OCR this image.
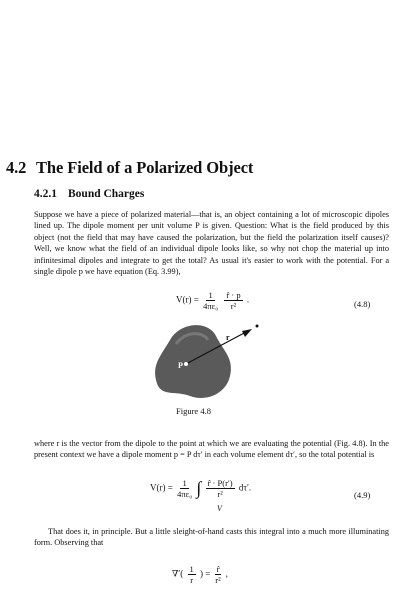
4.2 The Field of a Polarized Object
4.2.1 Bound Charges
Suppose we have a piece of polarized material—that is, an object containing a lot of microscopic dipoles lined up. The dipole moment per unit volume P is given. Question: What is the field produced by this object (not the field that may have caused the polarization, but the field the polarization itself causes)? Well, we know what the field of an individual dipole looks like, so why not chop the material up into infinitesimal dipoles and integrate to get the total? As usual it's easier to work with the potential. For a single dipole p we have equation (Eq. 3.99),
$V(r) = \frac{1}{\text{4πε₀}}$
$\frac{r̂ \cdot p}{\text{r²}}$ .	(4.8)
P
r
Figure 4.8
where r is the vector from the dipole to the point at which we are evaluating the potential (Fig. 4.8). In the present context we have a dipole moment p = P dτ′ in each volume element dτ′, so the total potential is
$V(r) = \frac{1}{\text{4πε₀}}$ ∫ $\frac{r̂ \cdot P(r')}{\text{r²}} d\tau'$.
V
(4.9)
That does it, in principle. But a little sleight-of-hand casts this integral into a much more illuminating form. Observing that
∇′( $\frac{1}{r}$ ) = $\frac{r̂}{\text{r²}}$ ,
